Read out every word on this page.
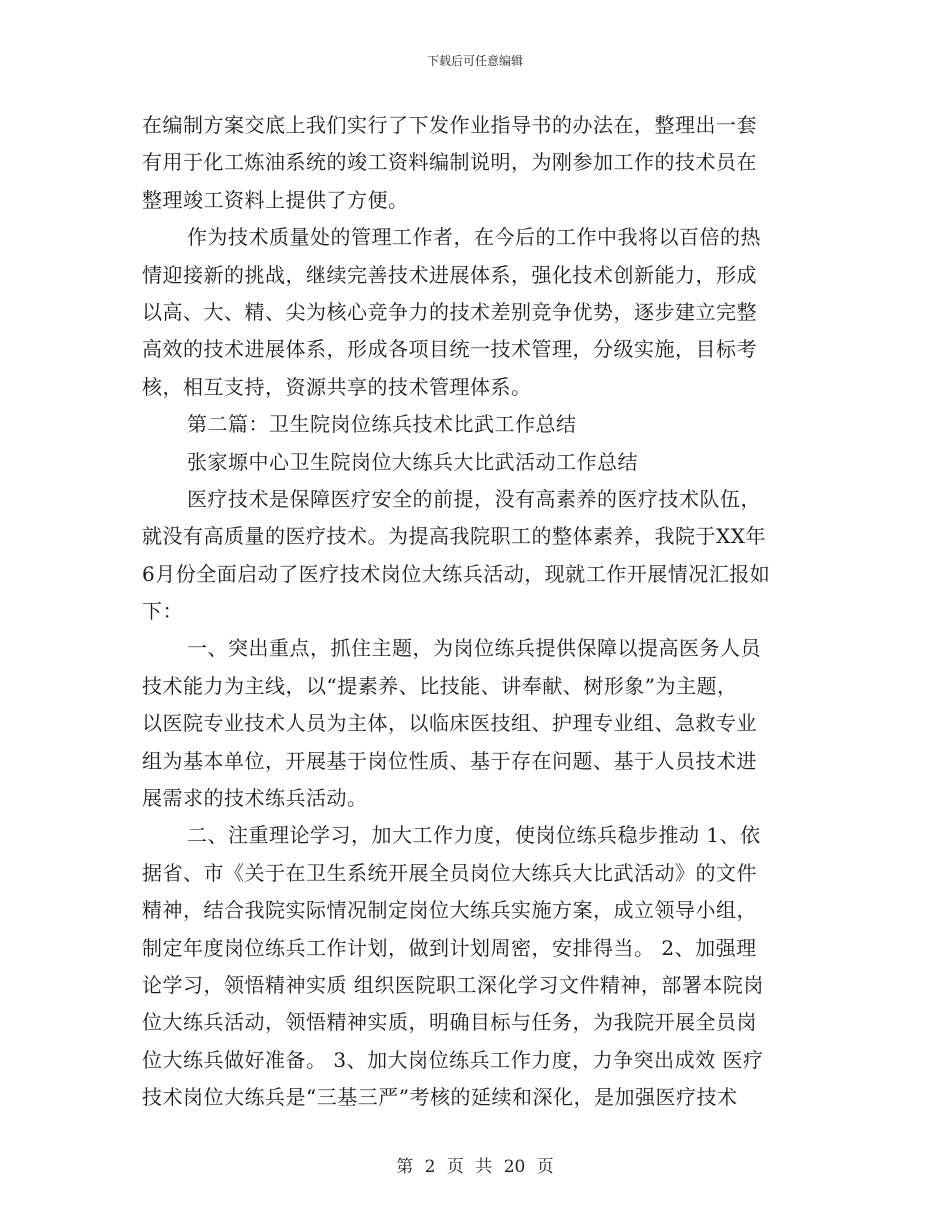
下载后可任意编辑
在编制方案交底上我们实行了下发作业指导书的办法在，整理出一套
有用于化工炼油系统的竣工资料编制说明，为刚参加工作的技术员在
整理竣工资料上提供了方便。
作为技术质量处的管理工作者，在今后的工作中我将以百倍的热
情迎接新的挑战，继续完善技术进展体系，强化技术创新能力，形成
以高、大、精、尖为核心竞争力的技术差别竞争优势，逐步建立完整
高效的技术进展体系，形成各项目统一技术管理，分级实施，目标考
核，相互支持，资源共享的技术管理体系。
第二篇：卫生院岗位练兵技术比武工作总结
张家塬中心卫生院岗位大练兵大比武活动工作总结
医疗技术是保障医疗安全的前提，没有高素养的医疗技术队伍，
就没有高质量的医疗技术。为提高我院职工的整体素养，我院于XX年
6月份全面启动了医疗技术岗位大练兵活动，现就工作开展情况汇报如
下：
一、突出重点，抓住主题，为岗位练兵提供保障以提高医务人员
技术能力为主线，以“提素养、比技能、讲奉献、树形象”为主题，
以医院专业技术人员为主体，以临床医技组、护理专业组、急救专业
组为基本单位，开展基于岗位性质、基于存在问题、基于人员技术进
展需求的技术练兵活动。
二、注重理论学习，加大工作力度，使岗位练兵稳步推动 1、依
据省、市《关于在卫生系统开展全员岗位大练兵大比武活动》的文件
精神，结合我院实际情况制定岗位大练兵实施方案，成立领导小组，
制定年度岗位练兵工作计划，做到计划周密，安排得当。 2、加强理
论学习，领悟精神实质 组织医院职工深化学习文件精神，部署本院岗
位大练兵活动，领悟精神实质，明确目标与任务，为我院开展全员岗
位大练兵做好准备。 3、加大岗位练兵工作力度，力争突出成效 医疗
技术岗位大练兵是“三基三严”考核的延续和深化，是加强医疗技术
第 2 页 共 20 页
